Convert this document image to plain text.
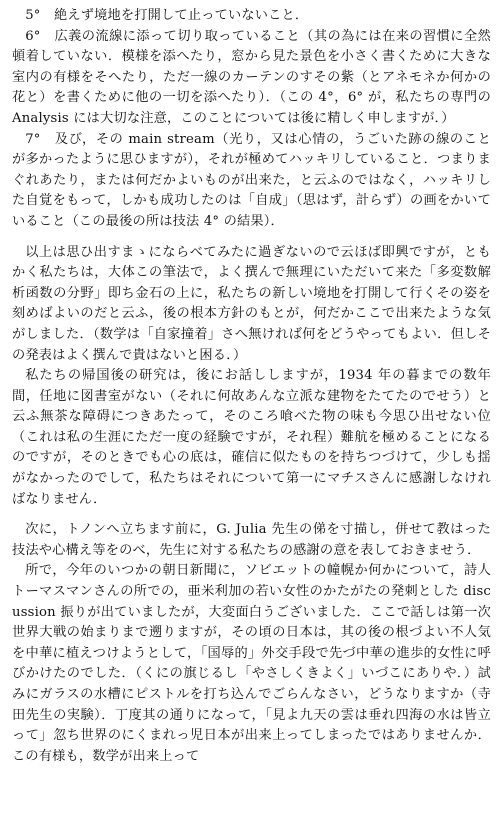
5°　絶えず境地を打開して止っていないこと．

6°　広義の流線に添って切り取っていること（其の為には在来の習慣に全然頓着していない．模様を添へたり，窓から見た景色を小さく書くために大きな室内の有様をそへたり，ただ一線のカーテンのすその紫（とアネモネか何かの花と）を書くために他の一切を添へたり）．（この 4°，6° が，私たちの専門の Analysis には大切な注意，このことについては後に精しく申しますが．）

7°　及び，その main stream（光り，又は心情の，うごいた跡の線のことが多かったように思ひますが），それが極めてハッキリしていること．つまりまぐれあたり，または何だかよいものが出来た，と云ふのではなく，ハッキリした自覚をもって，しかも成功したのは「自成」（思はず，計らず）の画をかいていること（この最後の所は技法 4° の結果）．

以上は思ひ出すまゝにならべてみたに過ぎないので云ほば即興ですが，ともかく私たちは，大体この筆法で，よく撰んで無理にいただいて来た「多変数解析函数の分野」即ち金石の上に，私たちの新しい境地を打開して行くその姿を刻めばよいのだと云ふ，後の根本方針のもとが，何だかここで出来たような気がしました．（数学は「自家撞着」さへ無ければ何をどうやってもよい．但しその発表はよく撰んで貴はないと困る．）

私たちの帰国後の研究は，後にお話ししますが，1934 年の暮までの数年間，任地に図書室がない（それに何故あんな立派な建物をたてたのでせう）と云ふ無茶な障碍につきあたって，そのころ喰べた物の味も今思ひ出せない位（これは私の生涯にただ一度の経験ですが，それ程）難航を極めることになるのですが，そのときでも心の底は，確信に似たものを持ちつづけて，少しも揺がなかったのでして，私たちはそれについて第一にマチスさんに感謝しなければなりません．

次に，トノンへ立ちます前に，G. Julia 先生の俤を寸描し，併せて教はった技法や心構え等をのべ，先生に対する私たちの感謝の意を表しておきませう．

所で，今年のいつかの朝日新聞に，ソビエットの幢幌か何かについて，詩人トーマスマンさんの所での，亜米利加の若い女性のかたがたの発刺とした discussion 振りが出ていましたが，大変面白うございました．ここで話しは第一次世界大戦の始まりまで遡りますが，その頃の日本は，其の後の根づよい不人気を中華に植えつけようとして，「国辱的」外交手段で先づ中華の進歩的女性に呼びかけたのでした．（くにの旗じるし「やさしくきよく」いづこにありや．）試みにガラスの水槽にピストルを打ち込んでごらんなさい，どうなりますか（寺田先生の実験）．丁度其の通りになって，「見よ九天の雲は垂れ四海の水は皆立って」忽ち世界のにくまれっ児日本が出来上ってしまったではありませんか．この有様も，数学が出来上って
